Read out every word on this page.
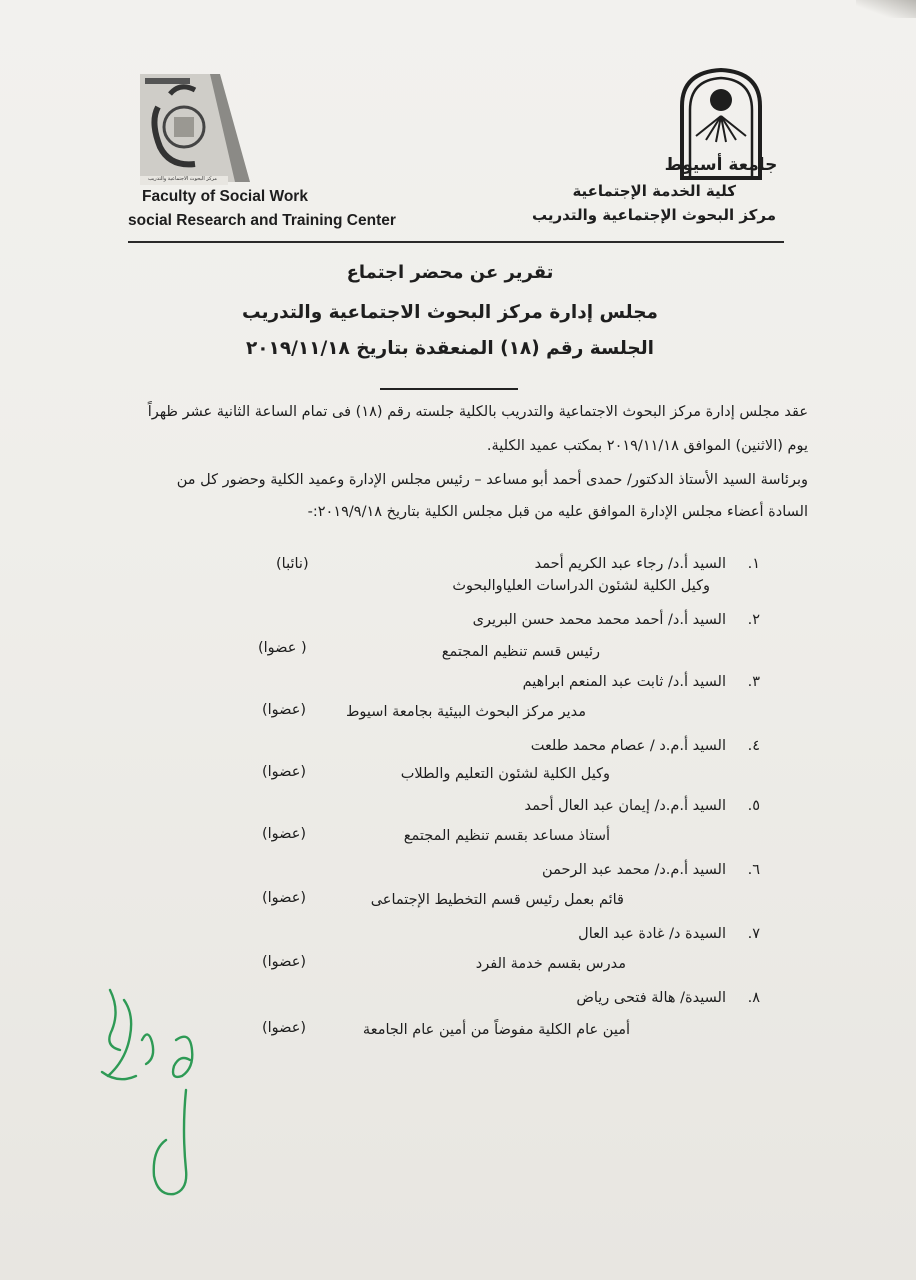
مركز البحوث الاجتماعية والتدريب
جامعة أسيوط
Faculty of Social Work
social Research and Training Center
كلية الخدمة الإجتماعية
مركز البحوث الإجتماعية والتدريب
تقرير عن محضر اجتماع
مجلس إدارة مركز البحوث الاجتماعية والتدريب
الجلسة رقم (١٨) المنعقدة بتاريخ ٢٠١٩/١١/١٨
عقد مجلس إدارة مركز البحوث الاجتماعية والتدريب بالكلية جلسته رقم (١٨) فى تمام الساعة الثانية عشر ظهراً
يوم (الاثنين) الموافق ٢٠١٩/١١/١٨ بمكتب عميد الكلية.
وبرئاسة السيد الأستاذ الدكتور/ حمدى أحمد أبو مساعد – رئيس مجلس الإدارة وعميد الكلية وحضور كل من
السادة أعضاء مجلس الإدارة الموافق عليه من قبل مجلس الكلية بتاريخ ٢٠١٩/٩/١٨:-
١.
السيد أ.د/ رجاء عبد الكريم أحمد
(نائبا)
وكيل الكلية لشئون الدراسات العلياوالبحوث
٢.
السيد أ.د/ أحمد محمد محمد حسن البريرى
رئيس قسم تنظيم المجتمع
( عضوا)
٣.
السيد أ.د/ ثابت عبد المنعم ابراهيم
مدير مركز البحوث البيئية بجامعة اسيوط
(عضوا)
٤.
السيد أ.م.د / عصام محمد طلعت
وكيل الكلية لشئون التعليم والطلاب
(عضوا)
٥.
السيد أ.م.د/ إيمان عبد العال أحمد
أستاذ مساعد بقسم تنظيم المجتمع
(عضوا)
٦.
السيد أ.م.د/ محمد عبد الرحمن
قائم بعمل رئيس قسم التخطيط الإجتماعى
(عضوا)
٧.
السيدة د/ غادة عبد العال
مدرس بقسم خدمة الفرد
(عضوا)
٨.
السيدة/ هالة فتحى رياض
أمين عام الكلية مفوضاً من أمين عام الجامعة
(عضوا)
